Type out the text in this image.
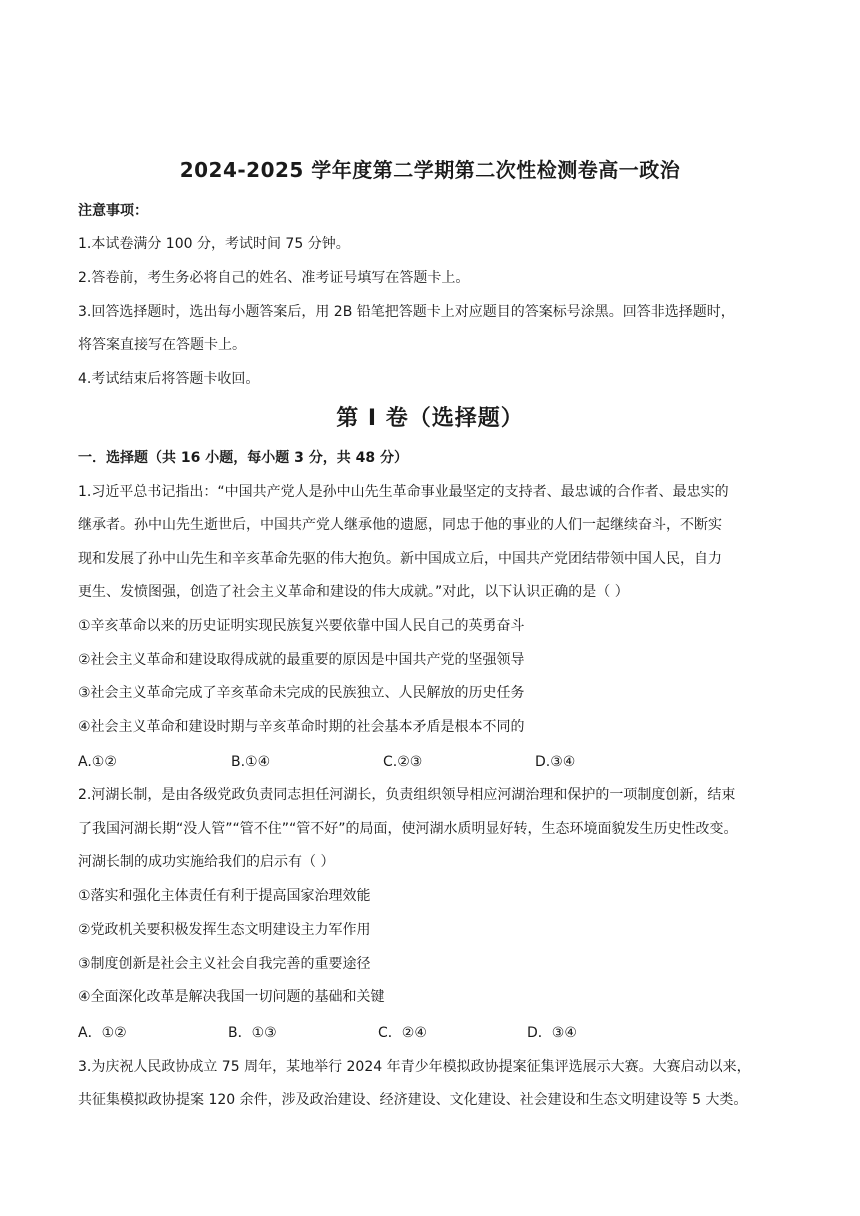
2024-2025 学年度第二学期第二次性检测卷高一政治
注意事项：
1.本试卷满分 100 分，考试时间 75 分钟。
2.答卷前，考生务必将自己的姓名、准考证号填写在答题卡上。
3.回答选择题时，选出每小题答案后，用 2B 铅笔把答题卡上对应题目的答案标号涂黑。回答非选择题时，
将答案直接写在答题卡上。
4.考试结束后将答题卡收回。
第 I 卷（选择题）
一．选择题（共 16 小题，每小题 3 分，共 48 分）
1.习近平总书记指出：“中国共产党人是孙中山先生革命事业最坚定的支持者、最忠诚的合作者、最忠实的
继承者。孙中山先生逝世后，中国共产党人继承他的遗愿，同忠于他的事业的人们一起继续奋斗，不断实
现和发展了孙中山先生和辛亥革命先驱的伟大抱负。新中国成立后，中国共产党团结带领中国人民，自力
更生、发愤图强，创造了社会主义革命和建设的伟大成就。”对此，以下认识正确的是（ ）
①辛亥革命以来的历史证明实现民族复兴要依靠中国人民自己的英勇奋斗
②社会主义革命和建设取得成就的最重要的原因是中国共产党的坚强领导
③社会主义革命完成了辛亥革命未完成的民族独立、人民解放的历史任务
④社会主义革命和建设时期与辛亥革命时期的社会基本矛盾是根本不同的
A.①②	B.①④	C.②③	D.③④
2.河湖长制，是由各级党政负责同志担任河湖长，负责组织领导相应河湖治理和保护的一项制度创新，结束
了我国河湖长期“没人管”“管不住”“管不好”的局面，使河湖水质明显好转，生态环境面貌发生历史性改变。
河湖长制的成功实施给我们的启示有（ ）
①落实和强化主体责任有利于提高国家治理效能
②党政机关要积极发挥生态文明建设主力军作用
③制度创新是社会主义社会自我完善的重要途径
④全面深化改革是解决我国一切问题的基础和关键
A．①②	B．①③	C．②④	D．③④
3.为庆祝人民政协成立 75 周年，某地举行 2024 年青少年模拟政协提案征集评选展示大赛。大赛启动以来，
共征集模拟政协提案 120 余件，涉及政治建设、经济建设、文化建设、社会建设和生态文明建设等 5 大类。
